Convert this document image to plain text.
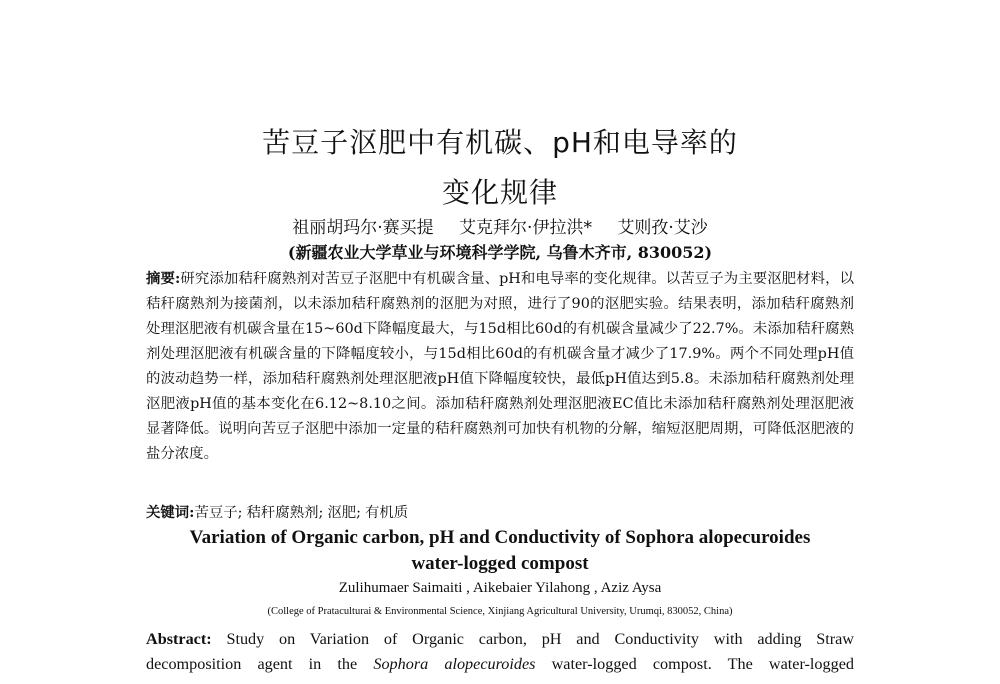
苦豆子沤肥中有机碳、pH和电导率的
变化规律
祖丽胡玛尔·赛买提 艾克拜尔·伊拉洪* 艾则孜·艾沙
(新疆农业大学草业与环境科学学院, 乌鲁木齐市, 830052)
摘要:研究添加秸秆腐熟剂对苦豆子沤肥中有机碳含量、pH和电导率的变化规律。以苦豆子为主要沤肥材料，以秸秆腐熟剂为接菌剂，以未添加秸秆腐熟剂的沤肥为对照，进行了90的沤肥实验。结果表明，添加秸秆腐熟剂处理沤肥液有机碳含量在15~60d下降幅度最大，与15d相比60d的有机碳含量减少了22.7%。未添加秸秆腐熟剂处理沤肥液有机碳含量的下降幅度较小，与15d相比60d的有机碳含量才减少了17.9%。两个不同处理pH值的波动趋势一样，添加秸秆腐熟剂处理沤肥液pH值下降幅度较快，最低pH值达到5.8。未添加秸秆腐熟剂处理沤肥液pH值的基本变化在6.12~8.10之间。添加秸秆腐熟剂处理沤肥液EC值比未添加秸秆腐熟剂处理沤肥液显著降低。说明向苦豆子沤肥中添加一定量的秸秆腐熟剂可加快有机物的分解，缩短沤肥周期，可降低沤肥液的盐分浓度。
关键词:苦豆子; 秸秆腐熟剂; 沤肥; 有机质
Variation of Organic carbon, pH and Conductivity of Sophora alopecuroides
water-logged compost
Zulihumaer Saimaiti , Aikebaier Yilahong , Aziz Aysa
(College of Prataculturai & Environmental Science, Xinjiang Agricultural University, Urumqi, 830052, China)
Abstract: Study on Variation of Organic carbon, pH and Conductivity with adding Straw
decomposition agent in the Sophora alopecuroides water-logged compost. The water-logged
